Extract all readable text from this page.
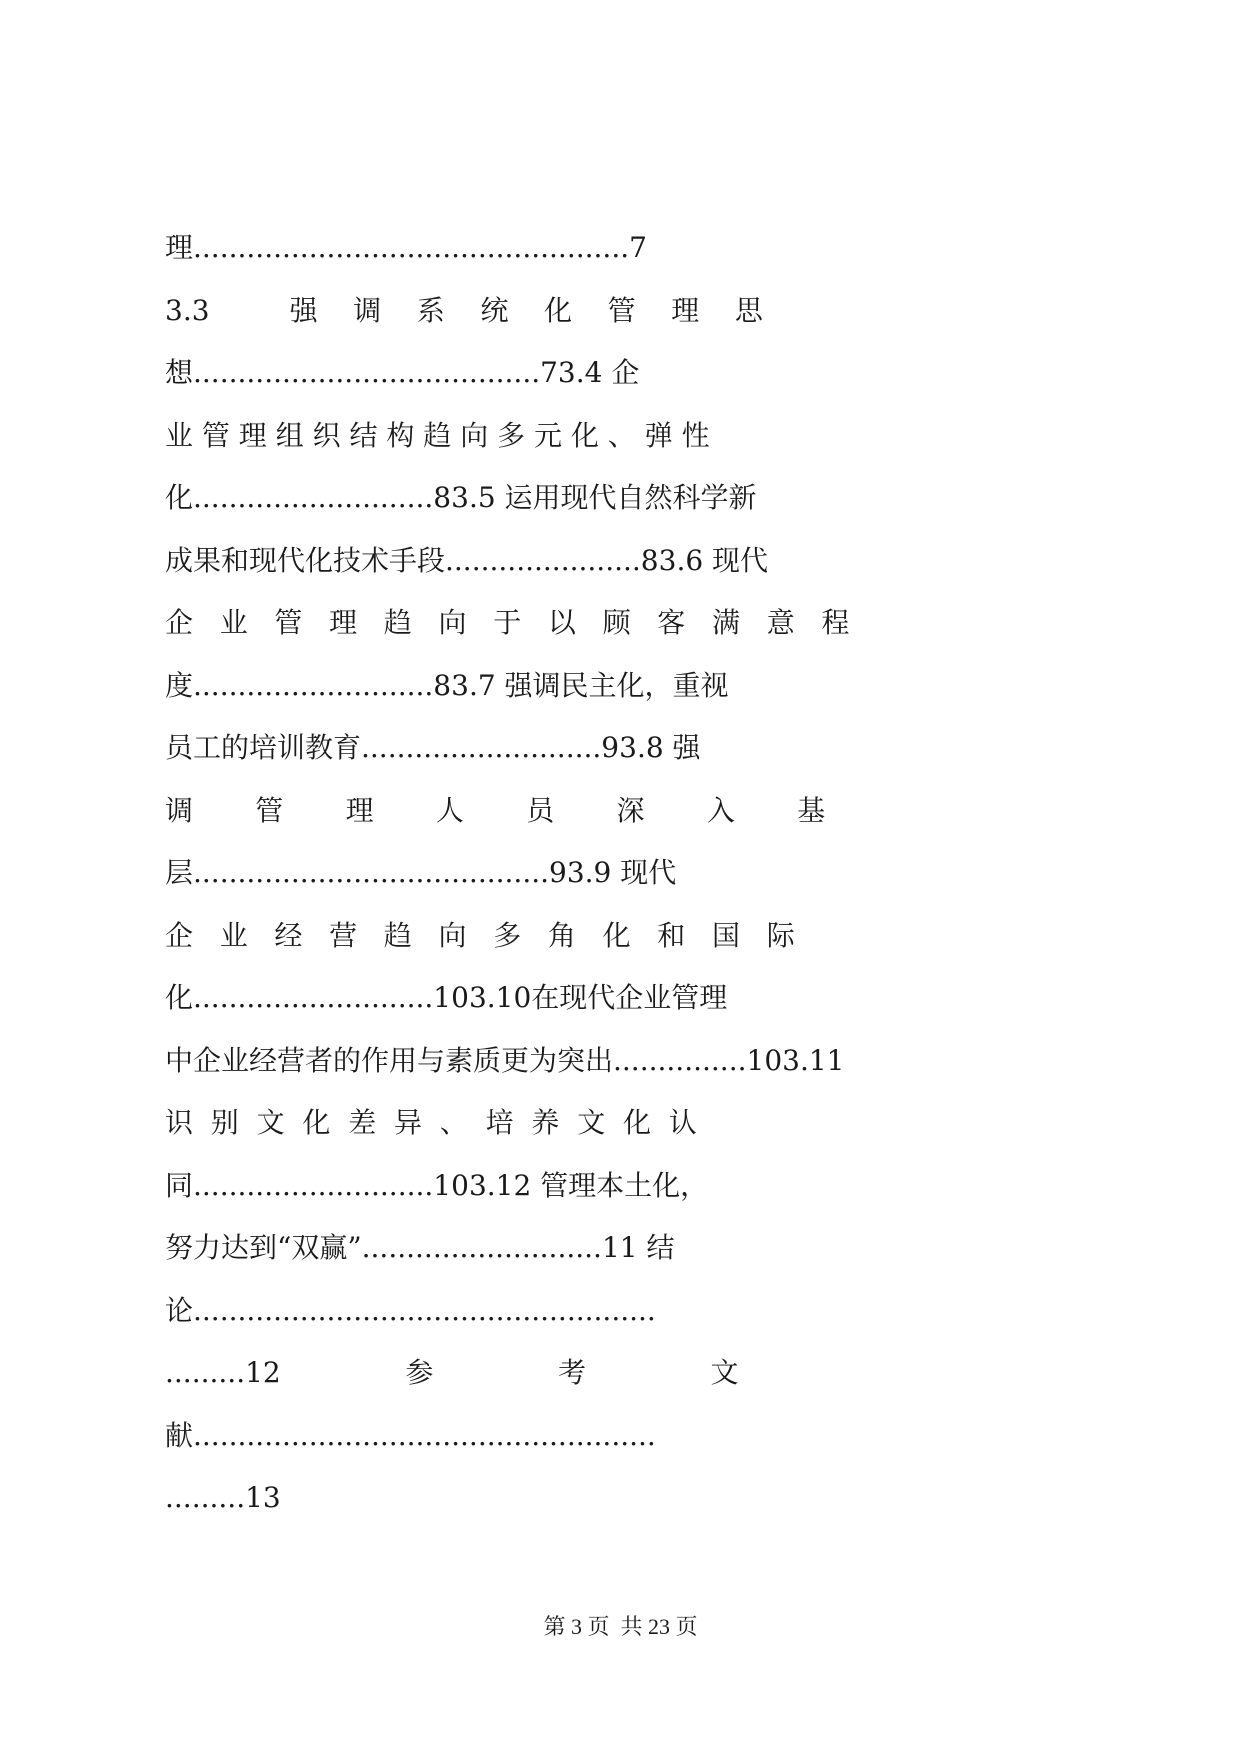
理.................................................7
3.3         强    调    系    统    化    管    理    思
想.......................................73.4 企
业 管 理 组 织 结 构 趋 向 多 元 化 、 弹 性
化...........................83.5 运用现代自然科学新
成果和现代化技术手段......................83.6 现代
企   业   管   理   趋   向   于   以   顾   客   满   意   程
度...........................83.7 强调民主化，重视
员工的培训教育...........................93.8 强
调       管       理       人       员       深       入       基
层........................................93.9 现代
企   业   经   营   趋   向   多   角   化   和   国   际
化...........................103.10在现代企业管理
中企业经营者的作用与素质更为突出...............103.11
识  别  文  化  差  异  、  培  养  文  化  认
同...........................103.12 管理本土化，
努力达到“双赢”...........................11 结
论....................................................
.........12              参              考              文
献....................................................
.........13
第 3 页  共 23 页
